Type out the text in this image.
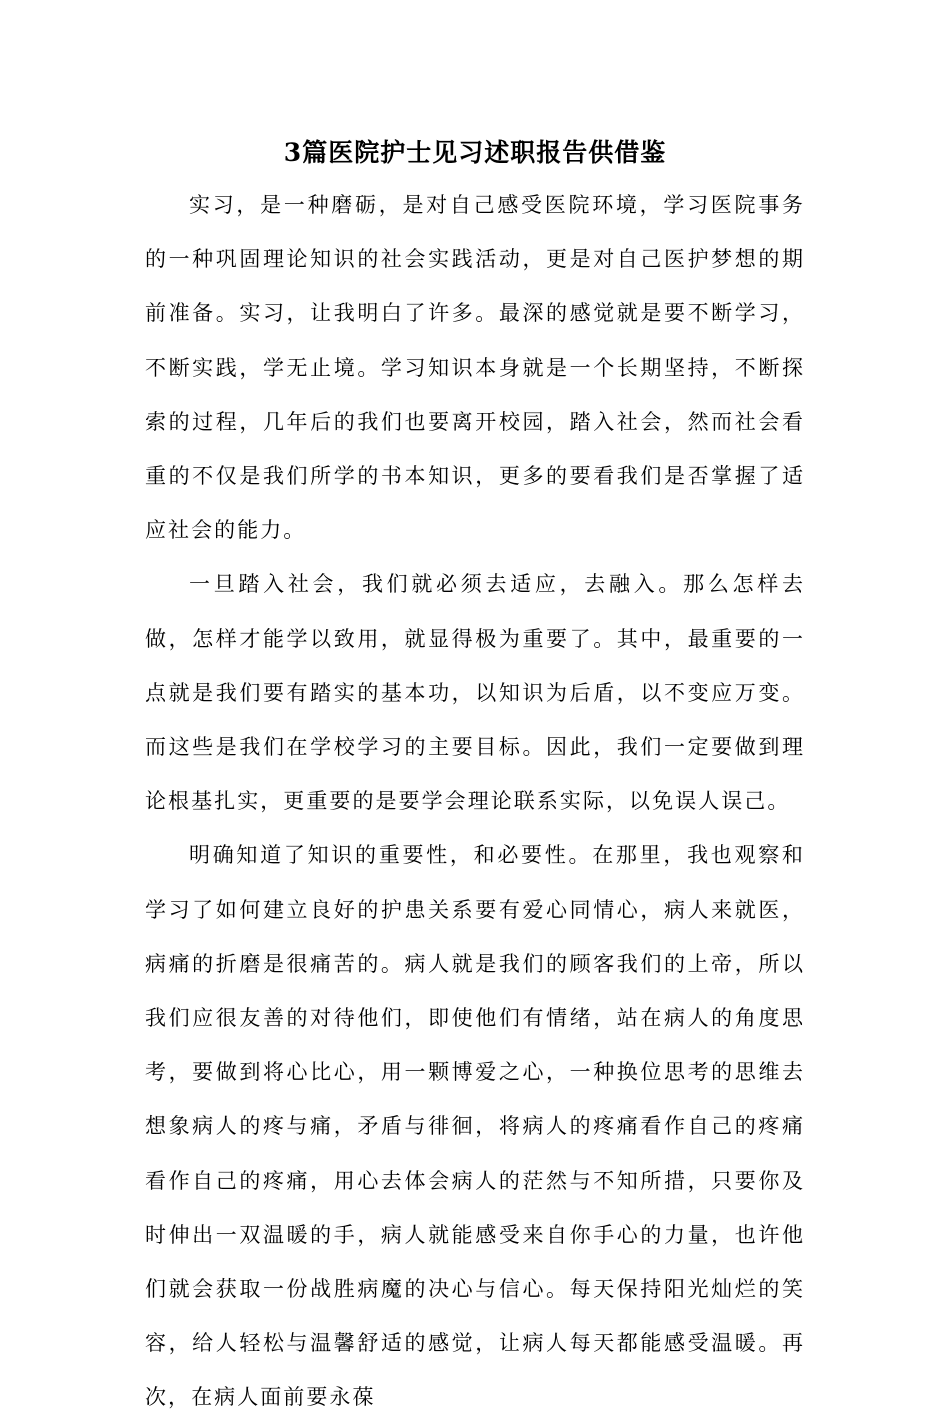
3篇医院护士见习述职报告供借鉴

实习，是一种磨砺，是对自己感受医院环境，学习医院事务的一种巩固理论知识的社会实践活动，更是对自己医护梦想的期前准备。实习，让我明白了许多。最深的感觉就是要不断学习，不断实践，学无止境。学习知识本身就是一个长期坚持，不断探索的过程，几年后的我们也要离开校园，踏入社会，然而社会看重的不仅是我们所学的书本知识，更多的要看我们是否掌握了适应社会的能力。

一旦踏入社会，我们就必须去适应，去融入。那么怎样去做，怎样才能学以致用，就显得极为重要了。其中，最重要的一点就是我们要有踏实的基本功，以知识为后盾，以不变应万变。而这些是我们在学校学习的主要目标。因此，我们一定要做到理论根基扎实，更重要的是要学会理论联系实际，以免误人误己。

明确知道了知识的重要性，和必要性。在那里，我也观察和学习了如何建立良好的护患关系要有爱心同情心，病人来就医，病痛的折磨是很痛苦的。病人就是我们的顾客我们的上帝，所以我们应很友善的对待他们，即使他们有情绪，站在病人的角度思考，要做到将心比心，用一颗博爱之心，一种换位思考的思维去想象病人的疼与痛，矛盾与徘徊，将病人的疼痛看作自己的疼痛看作自己的疼痛，用心去体会病人的茫然与不知所措，只要你及时伸出一双温暖的手，病人就能感受来自你手心的力量，也许他们就会获取一份战胜病魔的决心与信心。每天保持阳光灿烂的笑容，给人轻松与温馨舒适的感觉，让病人每天都能感受温暖。再次，在病人面前要永葆
